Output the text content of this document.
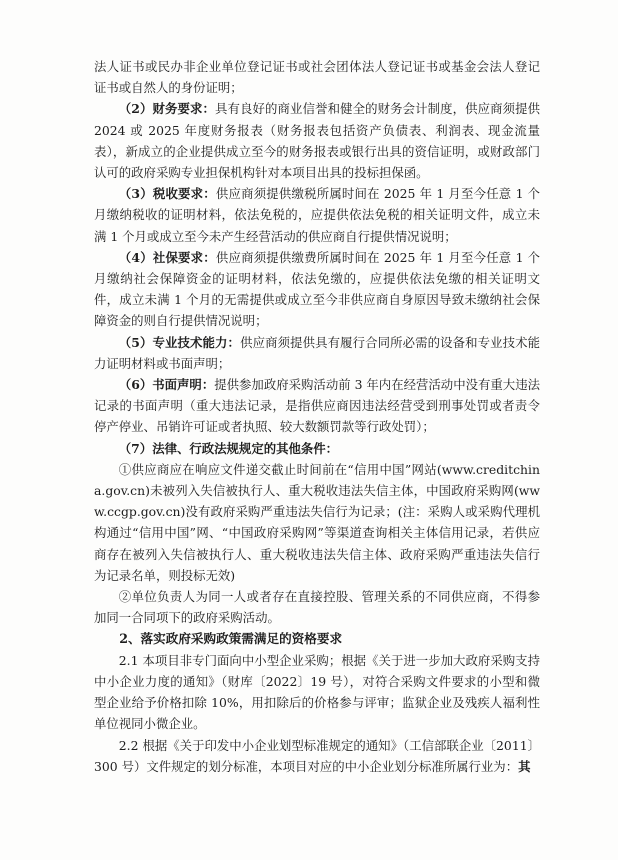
法人证书或民办非企业单位登记证书或社会团体法人登记证书或基金会法人登记证书或自然人的身份证明；

（2）财务要求：具有良好的商业信誉和健全的财务会计制度，供应商须提供 2024 或 2025 年度财务报表（财务报表包括资产负债表、利润表、现金流量表），新成立的企业提供成立至今的财务报表或银行出具的资信证明，或财政部门认可的政府采购专业担保机构针对本项目出具的投标担保函。

（3）税收要求：供应商须提供缴税所属时间在 2025 年 1 月至今任意 1 个月缴纳税收的证明材料，依法免税的，应提供依法免税的相关证明文件，成立未满 1 个月或成立至今未产生经营活动的供应商自行提供情况说明；

（4）社保要求：供应商须提供缴费所属时间在 2025 年 1 月至今任意 1 个月缴纳社会保障资金的证明材料，依法免缴的，应提供依法免缴的相关证明文件，成立未满 1 个月的无需提供或成立至今非供应商自身原因导致未缴纳社会保障资金的则自行提供情况说明；

（5）专业技术能力：供应商须提供具有履行合同所必需的设备和专业技术能力证明材料或书面声明；

（6）书面声明：提供参加政府采购活动前 3 年内在经营活动中没有重大违法记录的书面声明（重大违法记录，是指供应商因违法经营受到刑事处罚或者责令停产停业、吊销许可证或者执照、较大数额罚款等行政处罚）；

（7）法律、行政法规规定的其他条件：

①供应商应在响应文件递交截止时间前在“信用中国”网站(www.creditchina.gov.cn)未被列入失信被执行人、重大税收违法失信主体，中国政府采购网(www.ccgp.gov.cn)没有政府采购严重违法失信行为记录；(注：采购人或采购代理机构通过“信用中国”网、“中国政府采购网”等渠道查询相关主体信用记录，若供应商存在被列入失信被执行人、重大税收违法失信主体、政府采购严重违法失信行为记录名单，则投标无效)

②单位负责人为同一人或者存在直接控股、管理关系的不同供应商，不得参加同一合同项下的政府采购活动。

2、落实政府采购政策需满足的资格要求

2.1 本项目非专门面向中小型企业采购；根据《关于进一步加大政府采购支持中小企业力度的通知》（财库〔2022〕19 号），对符合采购文件要求的小型和微型企业给予价格扣除 10%，用扣除后的价格参与评审；监狱企业及残疾人福利性单位视同小微企业。

2.2 根据《关于印发中小企业划型标准规定的通知》（工信部联企业〔2011〕300 号）文件规定的划分标准，本项目对应的中小企业划分标准所属行业为：其
